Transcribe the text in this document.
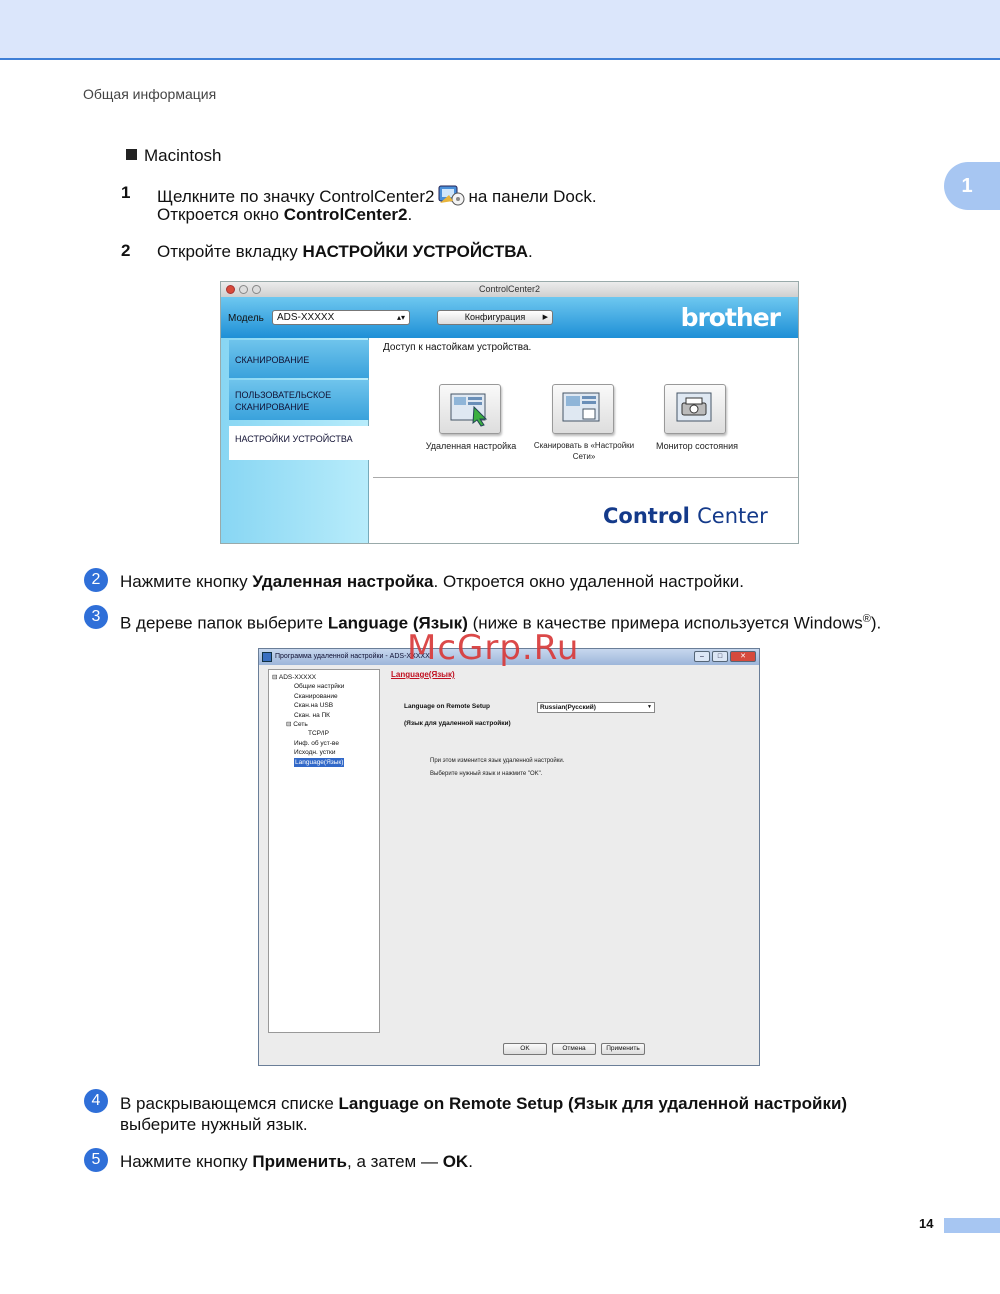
Общая информация
1
Macintosh
1 Щелкните по значку ControlCenter2 на панели Dock.
Откроется окно ControlCenter2.
2 Откройте вкладку НАСТРОЙКИ УСТРОЙСТВА.
ControlCenter2
Модель	ADS-XXXXX	▴▾	Конфигурация ▶	brother
СКАНИРОВАНИЕ
ПОЛЬЗОВАТЕЛЬСКОЕ СКАНИРОВАНИЕ
НАСТРОЙКИ УСТРОЙСТВА
Доступ к настойкам устройства.
Удаленная настройка	Сканировать в «Настройки Сети»
Монитор состояния
Control Center
2	Нажмите кнопку Удаленная настройка. Откроется окно удаленной настройки.
3	В дереве папок выберите Language (Язык) (ниже в качестве примера используется Windows®).
Программа удаленной настройки - ADS-XXXXX	–	□	✕
⊟ ADS-XXXXX
Общие настрйки
Сканирование
Скан.на USB
Скан. на ПК
⊟ Сеть
TCP/IP
Инф. об уст-ве
Исходн. устки
Language(Язык)
Language(Язык)
Language on Remote Setup
(Язык для удаленной настройки)
Russian(Русский)	▼
При этом изменится язык удаленной настройки.
Выберите нужный язык и нажмите "OK".
OK	Отмена	Применить
McGrp.Ru
4	В раскрывающемся списке Language on Remote Setup (Язык для удаленной настройки)
выберите нужный язык.
5	Нажмите кнопку Применить, а затем — OK.
14
